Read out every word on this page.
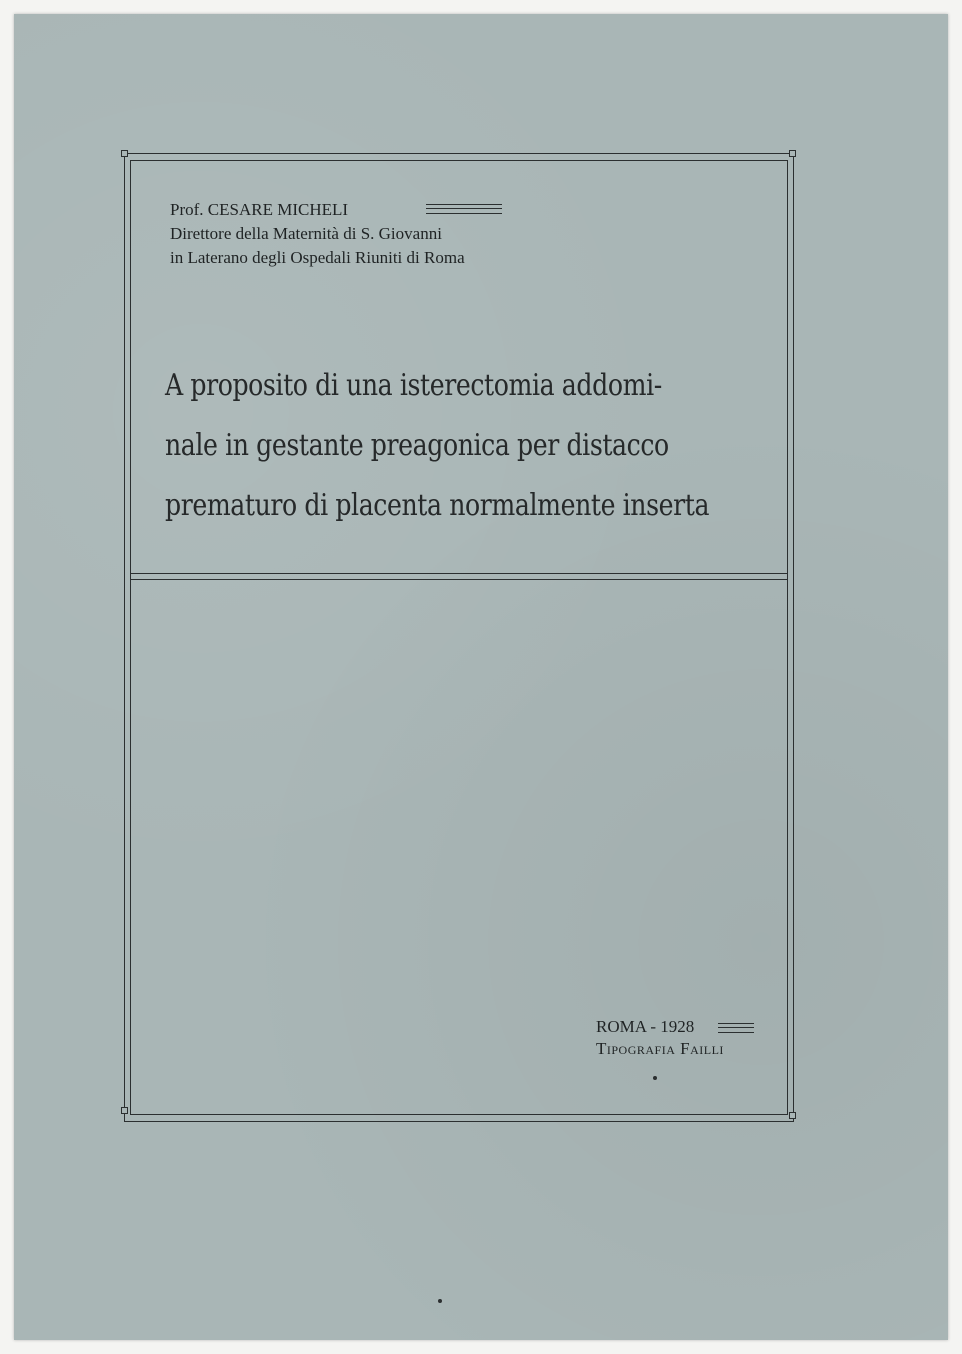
Prof. CESARE MICHELI
Direttore della Maternità di S. Giovanni
in Laterano degli Ospedali Riuniti di Roma
A proposito di una isterectomia addomi-
nale in gestante preagonica per distacco
prematuro di placenta normalmente inserta
ROMA - 1928
Tipografia Failli
